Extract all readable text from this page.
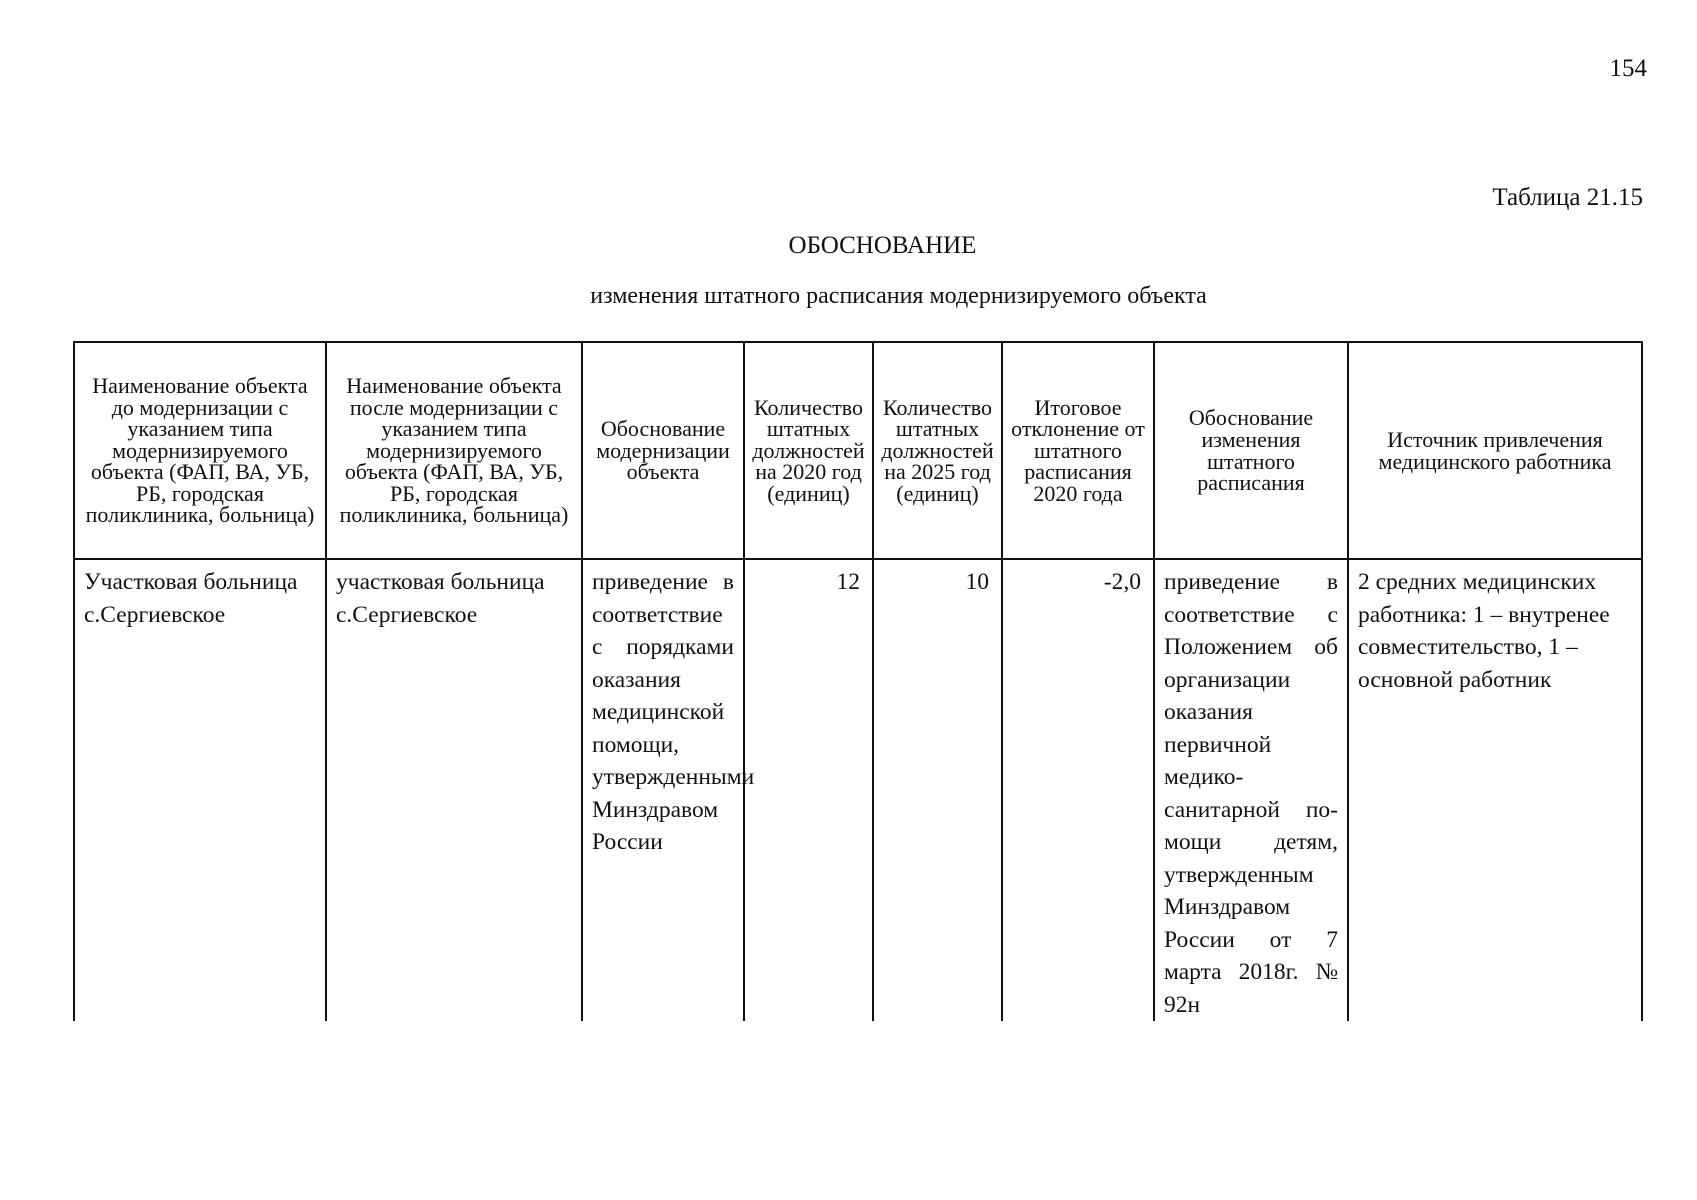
154
Таблица 21.15
ОБОСНОВАНИЕ
изменения штатного расписания модернизируемого объекта
Наименование объекта до модернизации с указанием типа модернизируемого объекта (ФАП, ВА, УБ, РБ, городская поликлиника, больница)	Наименование объекта после модернизации с указанием типа модернизируемого объекта (ФАП, ВА, УБ, РБ, городская поликлиника, больница)	Обоснование модернизации объекта	Количество штатных должностей на 2020 год (единиц)	Количество штатных должностей на 2025 год (единиц)	Итоговое отклонение от штатного расписания 2020 года	Обоснование изменения штатного расписания	Источник привлечения медицинского работника
Участковая больница с.Сергиевское	участковая больница с.Сергиевское	приведение в соответствие с порядками оказания медицинской помощи, утвержденными Минздравом России	12	10	-2,0	приведение в соответствие с Положением об организации оказания первичной медико-санитарной по-мощи детям, утвержденным Минздравом России от 7 марта 2018г. № 92н	2 средних медицинских работника: 1 – внутренее совместительство, 1 – основной работник
